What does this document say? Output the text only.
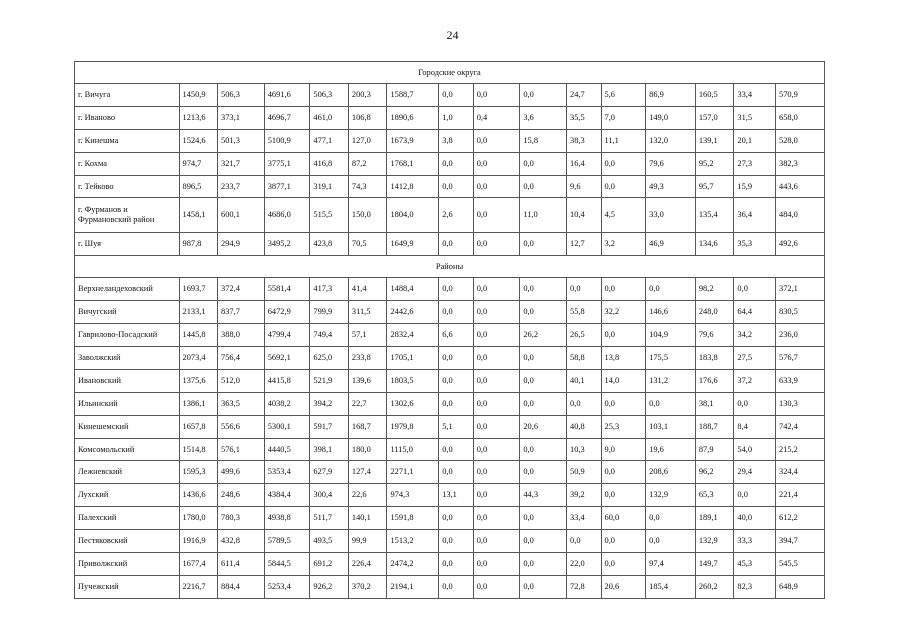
24
Городские округа															
г. Вичуга	1450,9	506,3	4691,6	506,3	200,3	1588,7	0,0	0,0	0,0	24,7	5,6	86,9	160,5	33,4	570,9
г. Иваново	1213,6	373,1	4696,7	461,0	106,8	1890,6	1,0	0,4	3,6	35,5	7,0	149,0	157,0	31,5	658,0
г. Кинешма	1524,6	501,3	5100,9	477,1	127,0	1673,9	3,8	0,0	15,8	38,3	11,1	132,0	139,1	20,1	528,0
г. Кохма	974,7	321,7	3775,1	416,8	87,2	1768,1	0,0	0,0	0,0	16,4	0,0	79,6	95,2	27,3	382,3
г. Тейково	896,5	233,7	3877,1	319,1	74,3	1412,8	0,0	0,0	0,0	9,6	0,0	49,3	95,7	15,9	443,6
г. Фурманов и Фурмановский район	1458,1	600,1	4686,0	515,5	150,0	1804,0	2,6	0,0	11,0	10,4	4,5	33,0	135,4	36,4	484,0
г. Шуя	987,8	294,9	3495,2	423,8	70,5	1649,9	0,0	0,0	0,0	12,7	3,2	46,9	134,6	35,3	492,6
Районы															
Верхнеландеховский	1693,7	372,4	5581,4	417,3	41,4	1488,4	0,0	0,0	0,0	0,0	0,0	0,0	98,2	0,0	372,1
Вичугский	2133,1	837,7	6472,9	799,9	311,5	2442,6	0,0	0,0	0,0	55,8	32,2	146,6	248,0	64,4	830,5
Гаврилово-Посадский	1445,8	388,0	4799,4	749,4	57,1	2832,4	6,6	0,0	26,2	26,5	0,0	104,9	79,6	34,2	236,0
Заволжский	2073,4	756,4	5692,1	625,0	233,8	1705,1	0,0	0,0	0,0	58,8	13,8	175,5	183,8	27,5	576,7
Ивановский	1375,6	512,0	4415,8	521,9	139,6	1803,5	0,0	0,0	0,0	40,1	14,0	131,2	176,6	37,2	633,9
Ильинский	1386,1	363,5	4038,2	394,2	22,7	1302,6	0,0	0,0	0,0	0,0	0,0	0,0	38,1	0,0	130,3
Кинешемский	1657,8	556,6	5300,1	591,7	168,7	1979,8	5,1	0,0	20,6	40,8	25,3	103,1	188,7	8,4	742,4
Комсомольский	1514,8	576,1	4440,5	398,1	180,0	1115,0	0,0	0,0	0,0	10,3	9,0	19,6	87,9	54,0	215,2
Лежневский	1595,3	499,6	5353,4	627,9	127,4	2271,1	0,0	0,0	0,0	50,9	0,0	208,6	96,2	29,4	324,4
Лухский	1436,6	248,6	4384,4	300,4	22,6	974,3	13,1	0,0	44,3	39,2	0,0	132,9	65,3	0,0	221,4
Палехский	1780,0	780,3	4938,8	511,7	140,1	1591,8	0,0	0,0	0,0	33,4	60,0	0,0	189,1	40,0	612,2
Пестяковский	1916,9	432,8	5789,5	493,5	99,9	1513,2	0,0	0,0	0,0	0,0	0,0	0,0	132,9	33,3	394,7
Приволжский	1677,4	611,4	5844,5	691,2	226,4	2474,2	0,0	0,0	0,0	22,0	0,0	97,4	149,7	45,3	545,5
Пучежский	2216,7	884,4	5253,4	926,2	370,2	2194,1	0,0	0,0	0,0	72,8	20,6	185,4	260,2	82,3	648,9
